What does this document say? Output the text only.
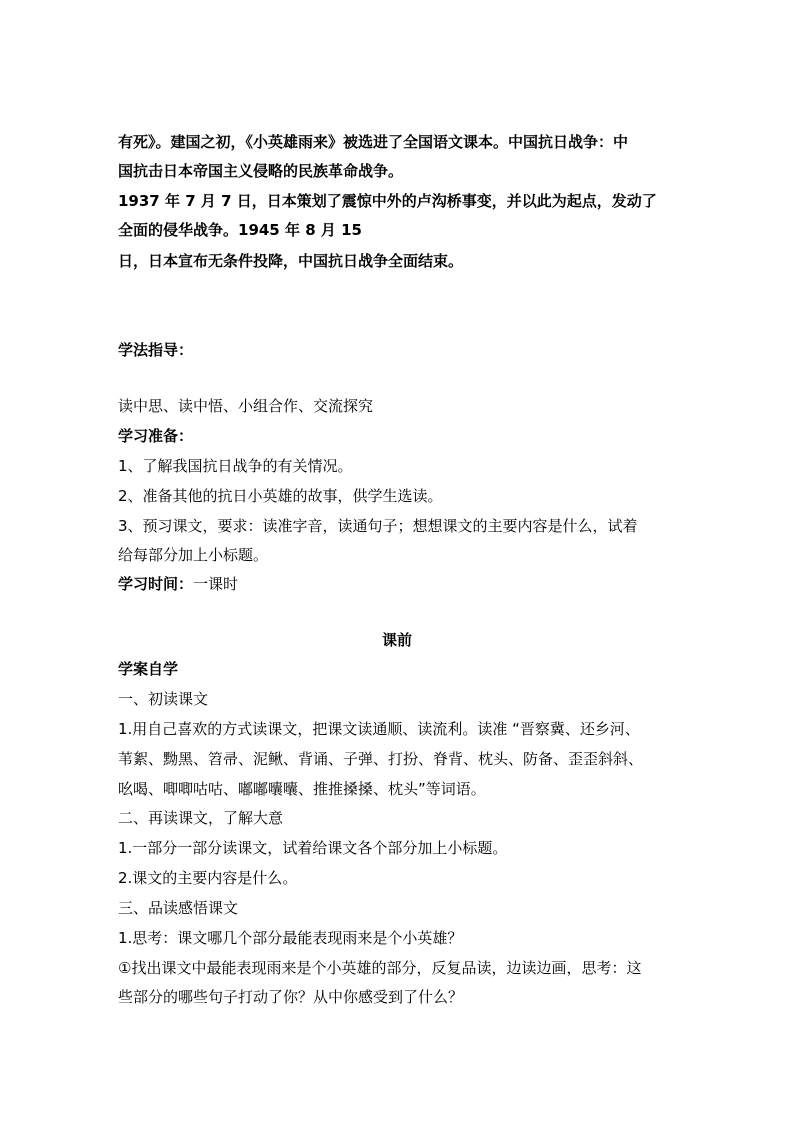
有死》。建国之初，《小英雄雨来》被选进了全国语文课本。中国抗日战争：中
国抗击日本帝国主义侵略的民族革命战争。
1937 年 7 月 7 日，日本策划了震惊中外的卢沟桥事变，并以此为起点，发动了
全面的侵华战争。1945 年 8 月 15
日，日本宣布无条件投降，中国抗日战争全面结束。
学法指导：
读中思、读中悟、小组合作、交流探究
学习准备：
1、了解我国抗日战争的有关情况。
2、准备其他的抗日小英雄的故事，供学生选读。
3、预习课文，要求：读准字音，读通句子；想想课文的主要内容是什么，试着
给每部分加上小标题。
学习时间：一课时
课前
学案自学
一、初读课文
1.用自己喜欢的方式读课文，把课文读通顺、读流利。读准 “晋察冀、还乡河、
苇絮、黝黑、笤帚、泥鳅、背诵、子弹、打扮、脊背、枕头、防备、歪歪斜斜、
吆喝、唧唧咕咕、嘟嘟囔囔、推推搡搡、枕头”等词语。
二、再读课文，了解大意
1.一部分一部分读课文，试着给课文各个部分加上小标题。
2.课文的主要内容是什么。
三、品读感悟课文
1.思考：课文哪几个部分最能表现雨来是个小英雄？
①找出课文中最能表现雨来是个小英雄的部分，反复品读，边读边画，思考：这
些部分的哪些句子打动了你？从中你感受到了什么？
